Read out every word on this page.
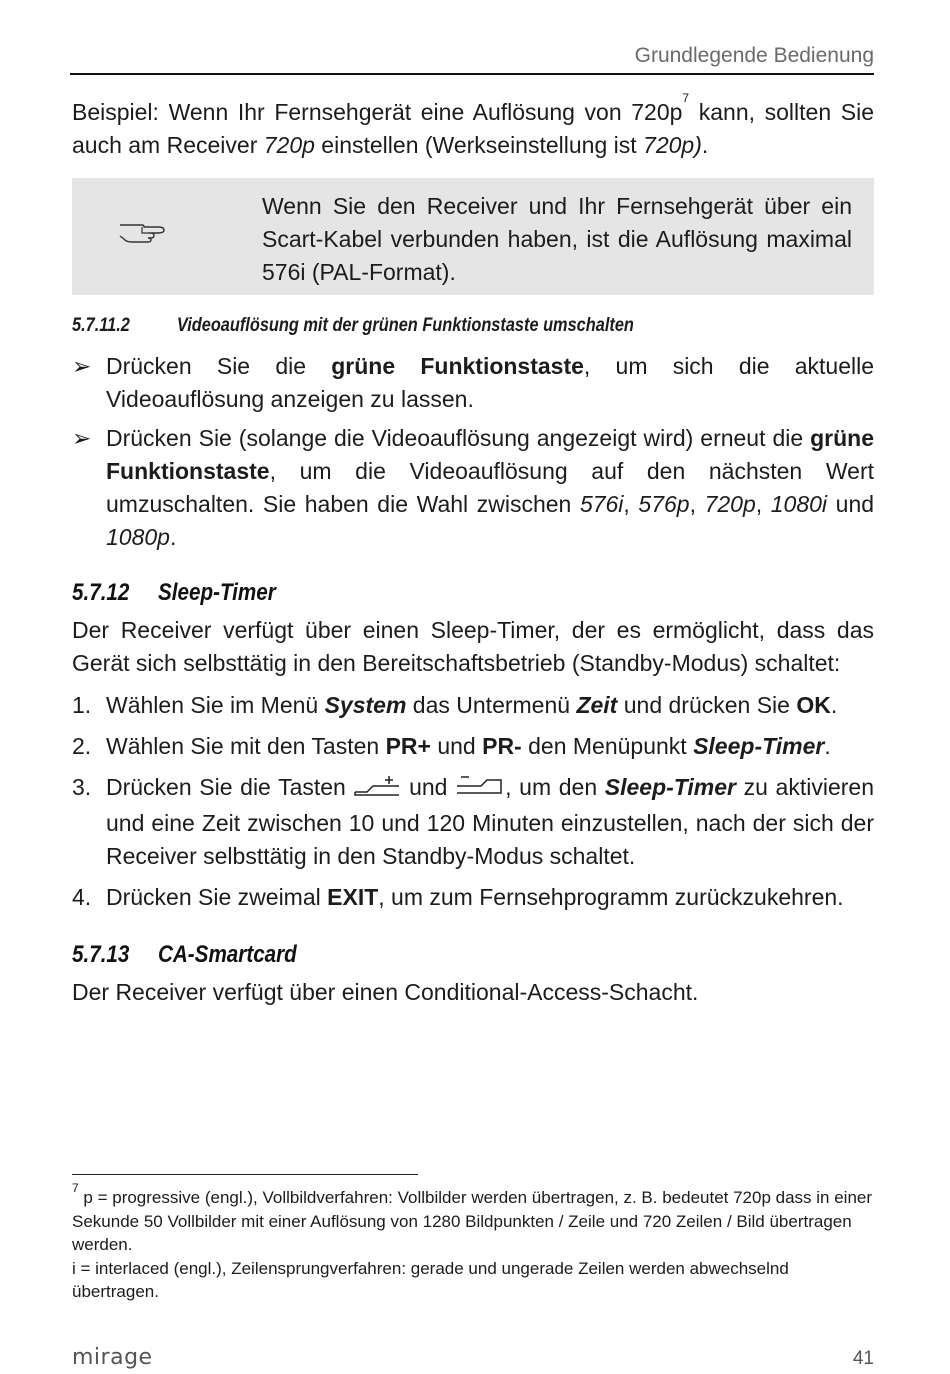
Grundlegende Bedienung

Beispiel: Wenn Ihr Fernsehgerät eine Auflösung von $720p^7$ kann, sollten Sie auch am Receiver 720p einstellen (Werkseinstellung ist 720p).

Wenn Sie den Receiver und Ihr Fernsehgerät über ein Scart-Kabel verbunden haben, ist die Auflösung maximal 576i (PAL-Format).
5.7.11.2	Videoauflösung mit der grünen Funktionstaste umschalten
➢ Drücken Sie die grüne Funktionstaste, um sich die aktuelle Videoauflösung anzeigen zu lassen.
➢ Drücken Sie (solange die Videoauflösung angezeigt wird) erneut die grüne Funktionstaste, um die Videoauflösung auf den nächsten Wert umzuschalten. Sie haben die Wahl zwischen 576i, 576p, 720p, 1080i und 1080p.
5.7.12	Sleep-Timer

Der Receiver verfügt über einen Sleep-Timer, der es ermöglicht, dass das Gerät sich selbsttätig in den Bereitschaftsbetrieb (Standby-Modus) schaltet:

1. Wählen Sie im Menü System das Untermenü Zeit und drücken Sie OK.
2. Wählen Sie mit den Tasten PR+ und PR- den Menüpunkt Sleep-Timer.
3. Drücken Sie die Tasten  und , um den Sleep-Timer zu aktivieren und eine Zeit zwischen 10 und 120 Minuten einzustellen, nach der sich der Receiver selbsttätig in den Standby-Modus schaltet.
4. Drücken Sie zweimal EXIT, um zum Fernsehprogramm zurückzukehren.
5.7.13	CA-Smartcard

Der Receiver verfügt über einen Conditional-Access-Schacht.

$^7$ p = progressive (engl.), Vollbildverfahren: Vollbilder werden übertragen, z. B. bedeutet 720p dass in einer Sekunde 50 Vollbilder mit einer Auflösung von 1280 Bildpunkten / Zeile und 720 Zeilen / Bild übertragen werden.

i = interlaced (engl.), Zeilensprungverfahren: gerade und ungerade Zeilen werden abwechselnd übertragen.

mirage	41
